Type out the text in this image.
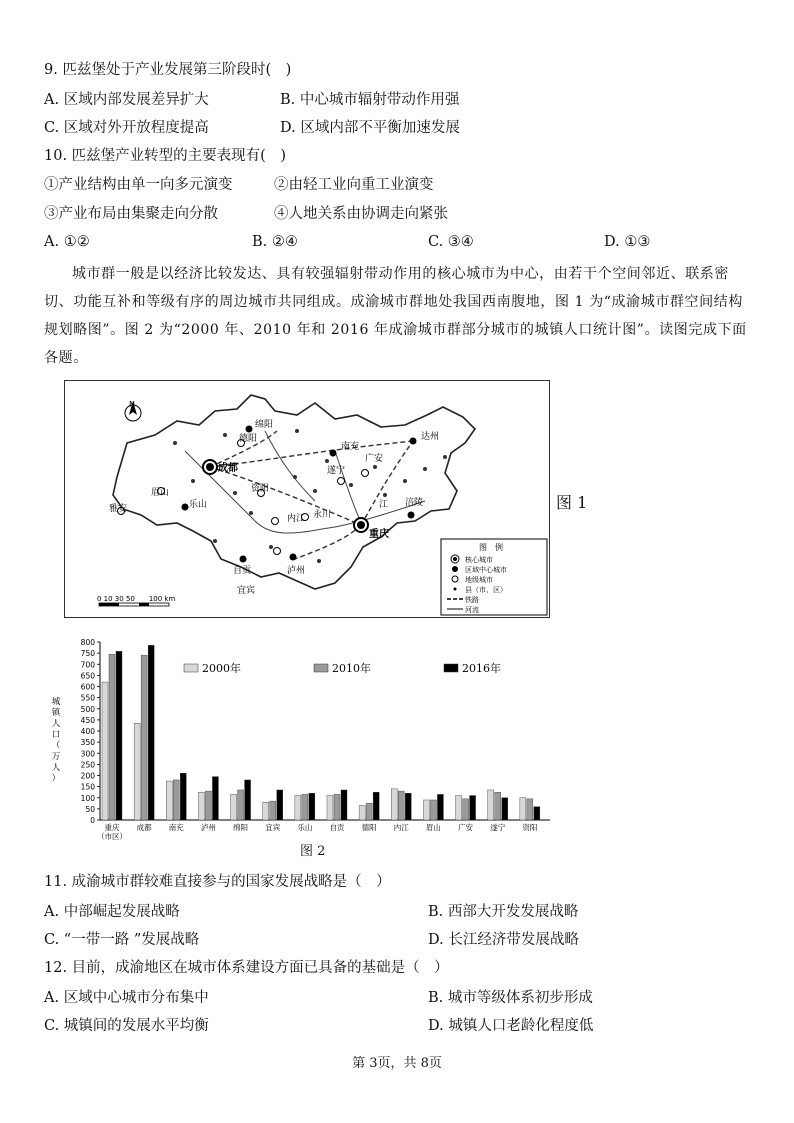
9. 匹兹堡处于产业发展第三阶段时(　)
A. 区域内部发展差异扩大	B. 中心城市辐射带动作用强
C. 区域对外开放程度提高	D. 区域内部不平衡加速发展
10. 匹兹堡产业转型的主要表现有(　)
①产业结构由单一向多元演变	②由轻工业向重工业演变
③产业布局由集聚走向分散	④人地关系由协调走向紧张
A. ①②	B. ②④	C. ③④	D. ①③
城市群一般是以经济比较发达、具有较强辐射带动作用的核心城市为中心，由若干个空间邻近、联系密切、功能互补和等级有序的周边城市共同组成。成渝城市群地处我国西南腹地，图 1 为“成渝城市群空间结构规划略图”。图 2 为“2000 年、2010 年和 2016 年成渝城市群部分城市的城镇人口统计图”。读图完成下面各题。
绵阳
德阳
成都
南充
达州
遂宁
广安
眉山	资阳
雅安	乐山
内江
自贡
永川
重庆
涪陵
宜宾
泸州
江
N
0 10 30 50　　100 km
图　例
核心城市
区域中心城市
地级城市
县（市、区）
铁路
河流
图 1
0
50
100
150
200
250
300
350
400
450
500
550
600
650
700
750
800
城
镇
人
口
（
万
人
）
重庆
（市区）
成都 南充 泸州 绵阳 宜宾 乐山 自贡 德阳 内江 眉山 广安 遂宁 资阳
2000年	2010年	2016年
图 2
11. 成渝城市群较难直接参与的国家发展战略是（　）
A. 中部崛起发展战略	B. 西部大开发发展战略
C. “一带一路 ”发展战略	D. 长江经济带发展战略
12. 目前，成渝地区在城市体系建设方面已具备的基础是（　）
A. 区域中心城市分布集中	B. 城市等级体系初步形成
C. 城镇间的发展水平均衡	D. 城镇人口老龄化程度低
第 3页，共 8页
